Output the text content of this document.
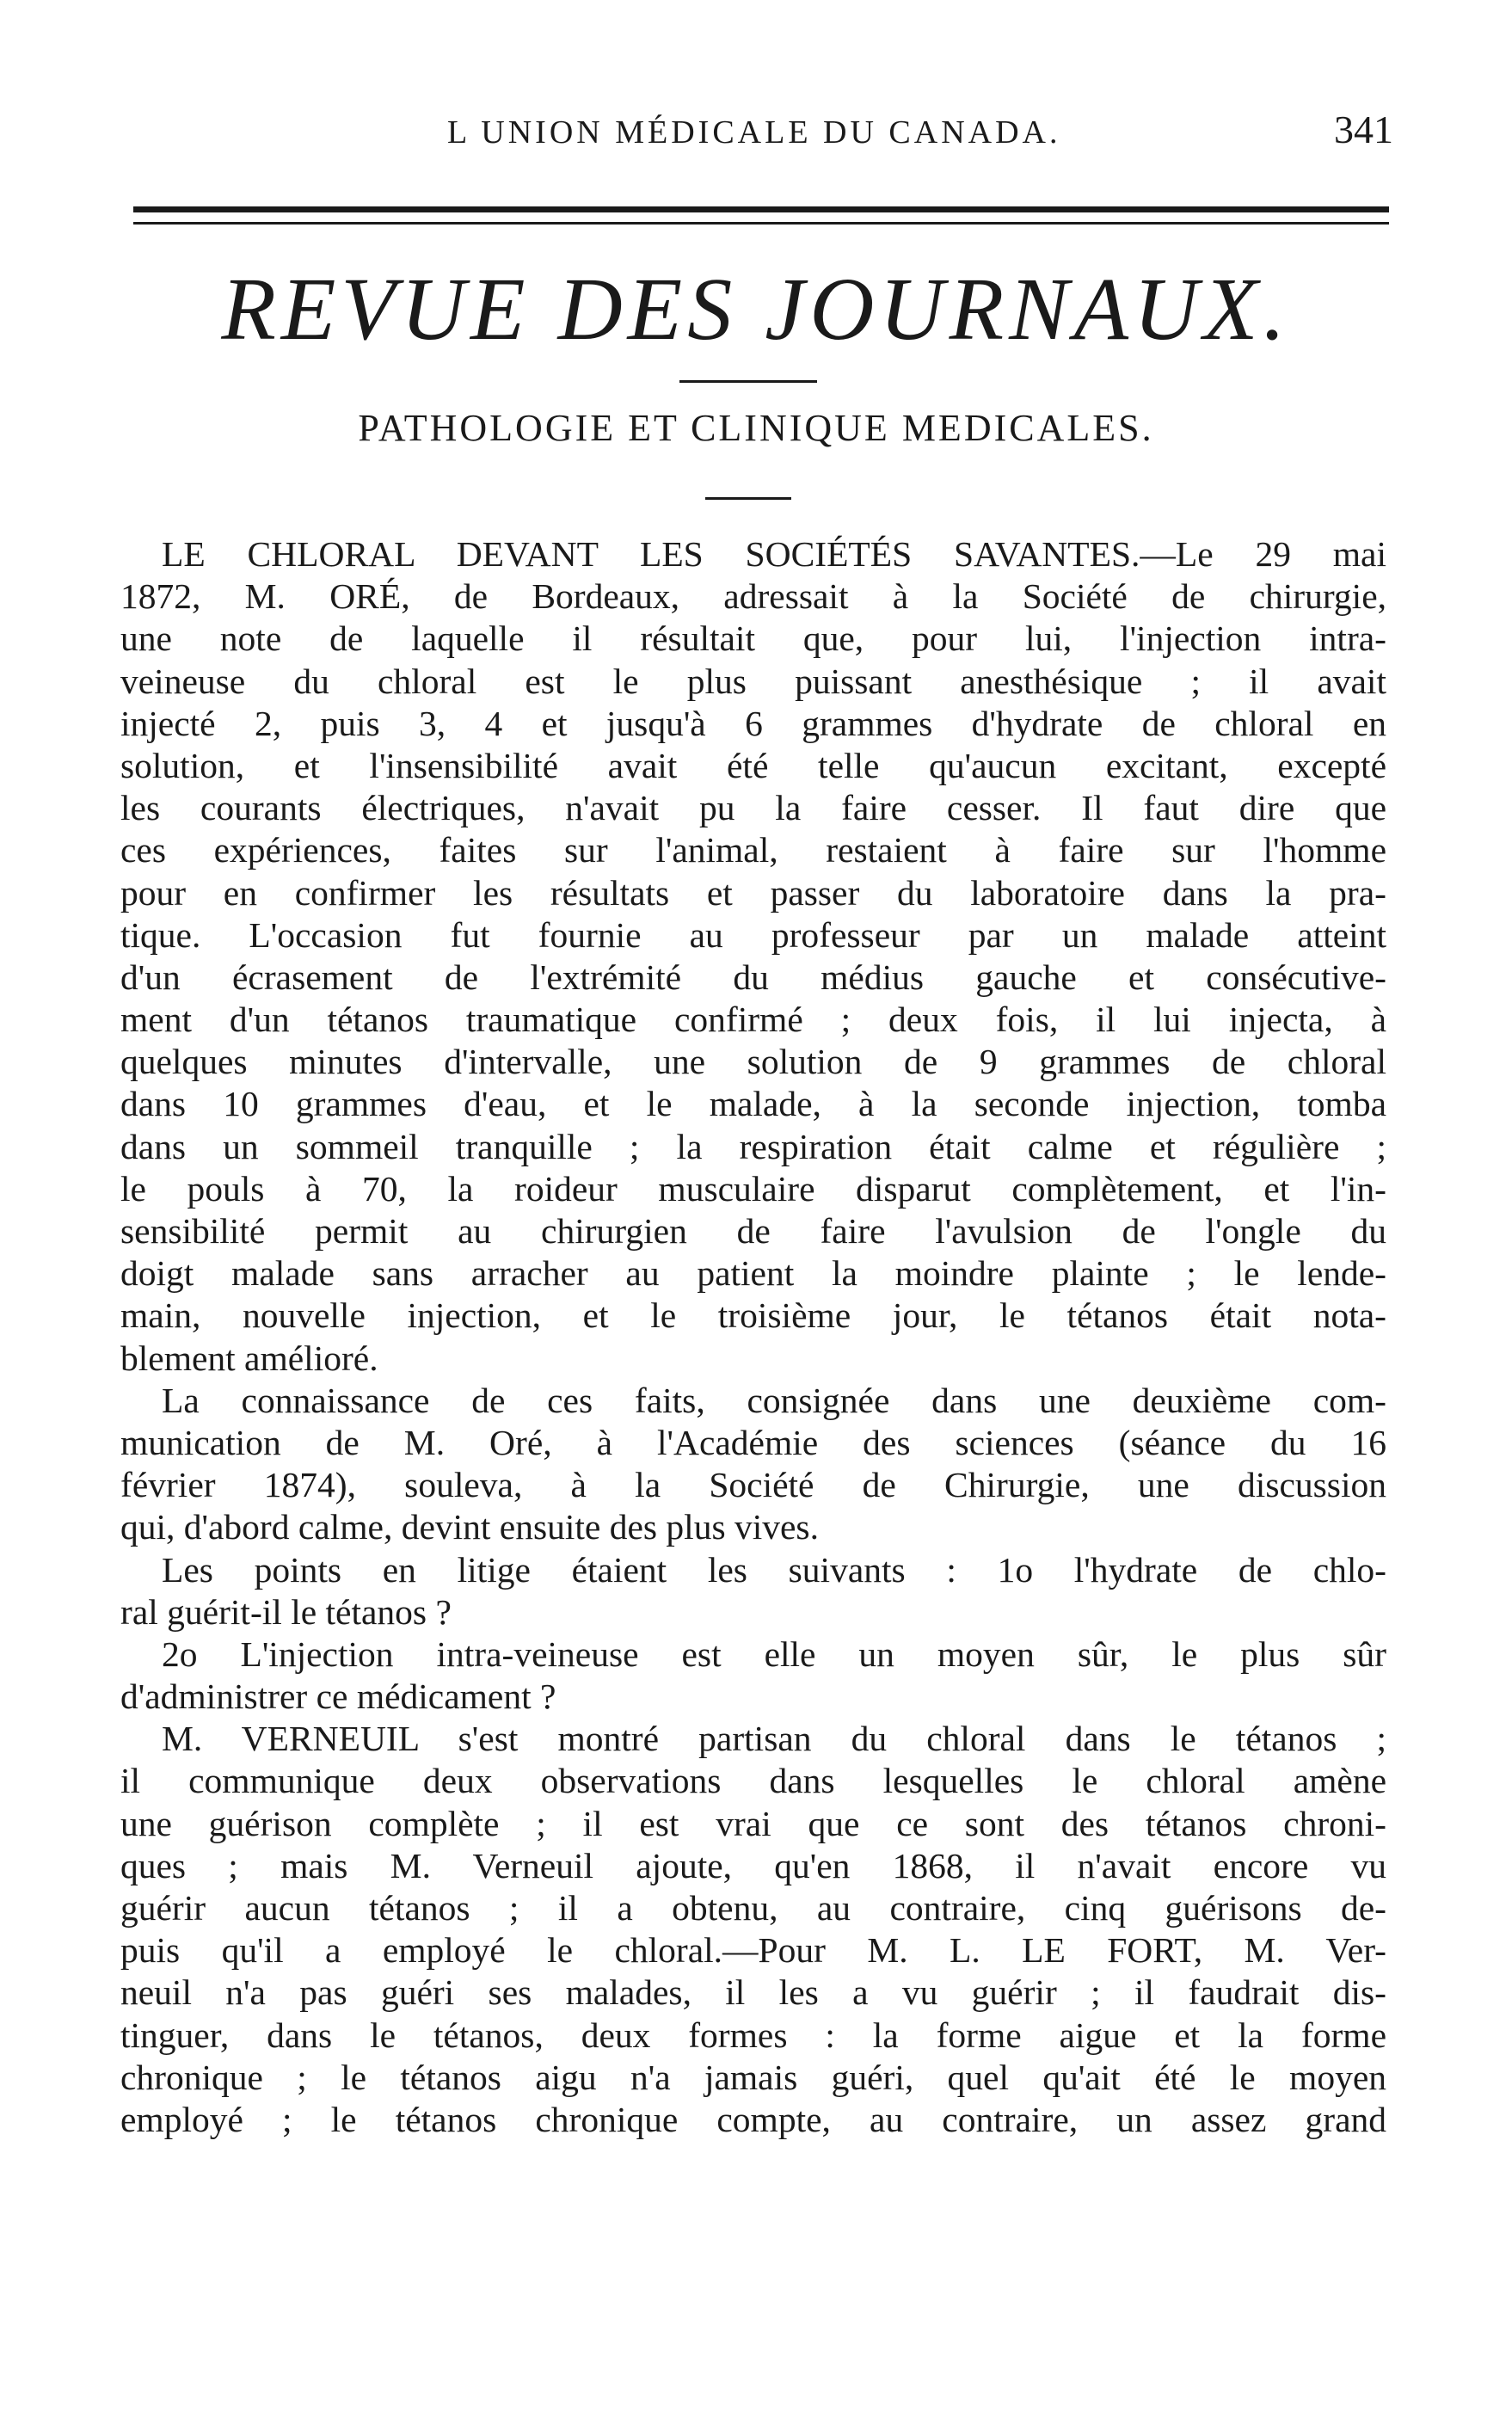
L UNION MÉDICALE DU CANADA.	341
REVUE DES JOURNAUX.
PATHOLOGIE ET CLINIQUE MEDICALES.
LE CHLORAL DEVANT LES SOCIÉTÉS SAVANTES.—Le 29 mai
1872, M. ORÉ, de Bordeaux, adressait à la Société de chirurgie,
une note de laquelle il résultait que, pour lui, l'injection intra-
veineuse du chloral est le plus puissant anesthésique ; il avait
injecté 2, puis 3, 4 et jusqu'à 6 grammes d'hydrate de chloral en
solution, et l'insensibilité avait été telle qu'aucun excitant, excepté
les courants électriques, n'avait pu la faire cesser. Il faut dire que
ces expériences, faites sur l'animal, restaient à faire sur l'homme
pour en confirmer les résultats et passer du laboratoire dans la pra-
tique. L'occasion fut fournie au professeur par un malade atteint
d'un écrasement de l'extrémité du médius gauche et consécutive-
ment d'un tétanos traumatique confirmé ; deux fois, il lui injecta, à
quelques minutes d'intervalle, une solution de 9 grammes de chloral
dans 10 grammes d'eau, et le malade, à la seconde injection, tomba
dans un sommeil tranquille ; la respiration était calme et régulière ;
le pouls à 70, la roideur musculaire disparut complètement, et l'in-
sensibilité permit au chirurgien de faire l'avulsion de l'ongle du
doigt malade sans arracher au patient la moindre plainte ; le lende-
main, nouvelle injection, et le troisième jour, le tétanos était nota-
blement amélioré.
La connaissance de ces faits, consignée dans une deuxième com-
munication de M. Oré, à l'Académie des sciences (séance du 16
février 1874), souleva, à la Société de Chirurgie, une discussion
qui, d'abord calme, devint ensuite des plus vives.
Les points en litige étaient les suivants : 1o l'hydrate de chlo-
ral guérit-il le tétanos ?
2o L'injection intra-veineuse est elle un moyen sûr, le plus sûr
d'administrer ce médicament ?
M. VERNEUIL s'est montré partisan du chloral dans le tétanos ;
il communique deux observations dans lesquelles le chloral amène
une guérison complète ; il est vrai que ce sont des tétanos chroni-
ques ; mais M. Verneuil ajoute, qu'en 1868, il n'avait encore vu
guérir aucun tétanos ; il a obtenu, au contraire, cinq guérisons de-
puis qu'il a employé le chloral.—Pour M. L. LE FORT, M. Ver-
neuil n'a pas guéri ses malades, il les a vu guérir ; il faudrait dis-
tinguer, dans le tétanos, deux formes : la forme aigue et la forme
chronique ; le tétanos aigu n'a jamais guéri, quel qu'ait été le moyen
employé ; le tétanos chronique compte, au contraire, un assez grand
